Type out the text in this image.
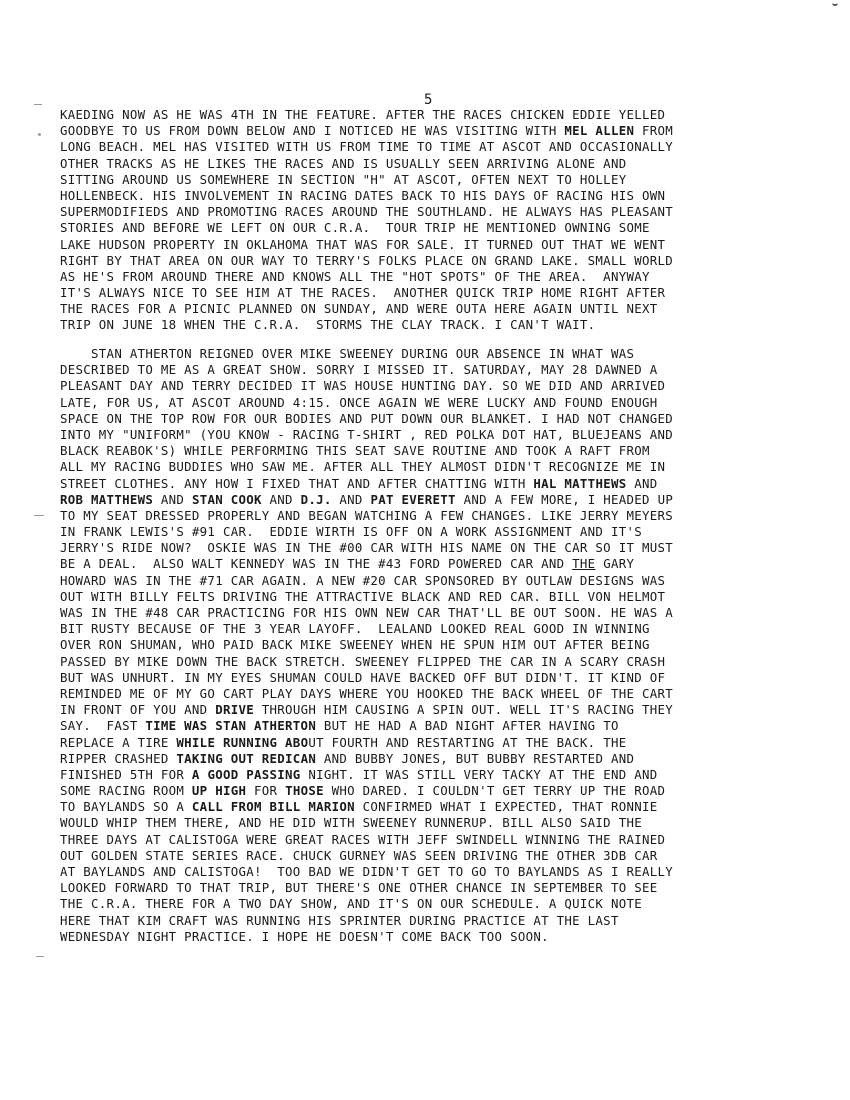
5
KAEDING NOW AS HE WAS 4TH IN THE FEATURE. AFTER THE RACES CHICKEN EDDIE YELLED
GOODBYE TO US FROM DOWN BELOW AND I NOTICED HE WAS VISITING WITH MEL ALLEN FROM
LONG BEACH. MEL HAS VISITED WITH US FROM TIME TO TIME AT ASCOT AND OCCASIONALLY
OTHER TRACKS AS HE LIKES THE RACES AND IS USUALLY SEEN ARRIVING ALONE AND
SITTING AROUND US SOMEWHERE IN SECTION "H" AT ASCOT, OFTEN NEXT TO HOLLEY
HOLLENBECK. HIS INVOLVEMENT IN RACING DATES BACK TO HIS DAYS OF RACING HIS OWN
SUPERMODIFIEDS AND PROMOTING RACES AROUND THE SOUTHLAND. HE ALWAYS HAS PLEASANT
STORIES AND BEFORE WE LEFT ON OUR C.R.A.  TOUR TRIP HE MENTIONED OWNING SOME
LAKE HUDSON PROPERTY IN OKLAHOMA THAT WAS FOR SALE. IT TURNED OUT THAT WE WENT
RIGHT BY THAT AREA ON OUR WAY TO TERRY'S FOLKS PLACE ON GRAND LAKE. SMALL WORLD
AS HE'S FROM AROUND THERE AND KNOWS ALL THE "HOT SPOTS" OF THE AREA.  ANYWAY
IT'S ALWAYS NICE TO SEE HIM AT THE RACES.  ANOTHER QUICK TRIP HOME RIGHT AFTER
THE RACES FOR A PICNIC PLANNED ON SUNDAY, AND WERE OUTA HERE AGAIN UNTIL NEXT
TRIP ON JUNE 18 WHEN THE C.R.A.  STORMS THE CLAY TRACK. I CAN'T WAIT.
STAN ATHERTON REIGNED OVER MIKE SWEENEY DURING OUR ABSENCE IN WHAT WAS
DESCRIBED TO ME AS A GREAT SHOW. SORRY I MISSED IT. SATURDAY, MAY 28 DAWNED A
PLEASANT DAY AND TERRY DECIDED IT WAS HOUSE HUNTING DAY. SO WE DID AND ARRIVED
LATE, FOR US, AT ASCOT AROUND 4:15. ONCE AGAIN WE WERE LUCKY AND FOUND ENOUGH
SPACE ON THE TOP ROW FOR OUR BODIES AND PUT DOWN OUR BLANKET. I HAD NOT CHANGED
INTO MY "UNIFORM" (YOU KNOW - RACING T-SHIRT , RED POLKA DOT HAT, BLUEJEANS AND
BLACK REABOK'S) WHILE PERFORMING THIS SEAT SAVE ROUTINE AND TOOK A RAFT FROM
ALL MY RACING BUDDIES WHO SAW ME. AFTER ALL THEY ALMOST DIDN'T RECOGNIZE ME IN
STREET CLOTHES. ANY HOW I FIXED THAT AND AFTER CHATTING WITH HAL MATTHEWS AND
ROB MATTHEWS AND STAN COOK AND D.J. AND PAT EVERETT AND A FEW MORE, I HEADED UP
TO MY SEAT DRESSED PROPERLY AND BEGAN WATCHING A FEW CHANGES. LIKE JERRY MEYERS
IN FRANK LEWIS'S #91 CAR.  EDDIE WIRTH IS OFF ON A WORK ASSIGNMENT AND IT'S
JERRY'S RIDE NOW?  OSKIE WAS IN THE #00 CAR WITH HIS NAME ON THE CAR SO IT MUST
BE A DEAL.  ALSO WALT KENNEDY WAS IN THE #43 FORD POWERED CAR AND THE GARY
HOWARD WAS IN THE #71 CAR AGAIN. A NEW #20 CAR SPONSORED BY OUTLAW DESIGNS WAS
OUT WITH BILLY FELTS DRIVING THE ATTRACTIVE BLACK AND RED CAR. BILL VON HELMOT
WAS IN THE #48 CAR PRACTICING FOR HIS OWN NEW CAR THAT'LL BE OUT SOON. HE WAS A
BIT RUSTY BECAUSE OF THE 3 YEAR LAYOFF.  LEALAND LOOKED REAL GOOD IN WINNING
OVER RON SHUMAN, WHO PAID BACK MIKE SWEENEY WHEN HE SPUN HIM OUT AFTER BEING
PASSED BY MIKE DOWN THE BACK STRETCH. SWEENEY FLIPPED THE CAR IN A SCARY CRASH
BUT WAS UNHURT. IN MY EYES SHUMAN COULD HAVE BACKED OFF BUT DIDN'T. IT KIND OF
REMINDED ME OF MY GO CART PLAY DAYS WHERE YOU HOOKED THE BACK WHEEL OF THE CART
IN FRONT OF YOU AND DRIVE THROUGH HIM CAUSING A SPIN OUT. WELL IT'S RACING THEY
SAY.  FAST TIME WAS STAN ATHERTON BUT HE HAD A BAD NIGHT AFTER HAVING TO
REPLACE A TIRE WHILE RUNNING ABOUT FOURTH AND RESTARTING AT THE BACK. THE
RIPPER CRASHED TAKING OUT REDICAN AND BUBBY JONES, BUT BUBBY RESTARTED AND
FINISHED 5TH FOR A GOOD PASSING NIGHT. IT WAS STILL VERY TACKY AT THE END AND
SOME RACING ROOM UP HIGH FOR THOSE WHO DARED. I COULDN'T GET TERRY UP THE ROAD
TO BAYLANDS SO A CALL FROM BILL MARION CONFIRMED WHAT I EXPECTED, THAT RONNIE
WOULD WHIP THEM THERE, AND HE DID WITH SWEENEY RUNNERUP. BILL ALSO SAID THE
THREE DAYS AT CALISTOGA WERE GREAT RACES WITH JEFF SWINDELL WINNING THE RAINED
OUT GOLDEN STATE SERIES RACE. CHUCK GURNEY WAS SEEN DRIVING THE OTHER 3DB CAR
AT BAYLANDS AND CALISTOGA!  TOO BAD WE DIDN'T GET TO GO TO BAYLANDS AS I REALLY
LOOKED FORWARD TO THAT TRIP, BUT THERE'S ONE OTHER CHANCE IN SEPTEMBER TO SEE
THE C.R.A. THERE FOR A TWO DAY SHOW, AND IT'S ON OUR SCHEDULE. A QUICK NOTE
HERE THAT KIM CRAFT WAS RUNNING HIS SPRINTER DURING PRACTICE AT THE LAST
WEDNESDAY NIGHT PRACTICE. I HOPE HE DOESN'T COME BACK TOO SOON.
